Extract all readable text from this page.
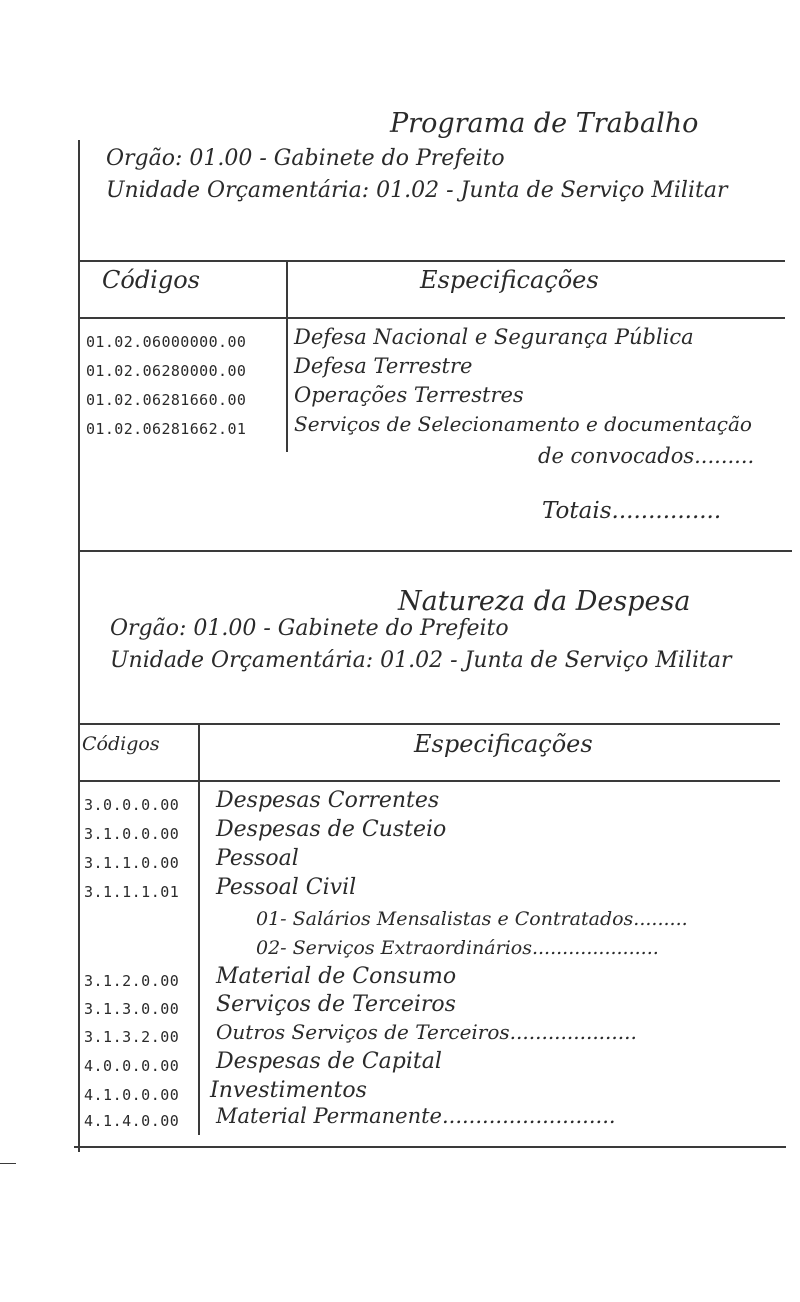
Programa de Trabalho
Orgão: 01.00 - Gabinete do Prefeito
Unidade Orçamentária: 01.02 - Junta de Serviço Militar
Códigos	Especificações
01.02.06000000.00 Defesa Nacional e Segurança Pública
01.02.06280000.00 Defesa Terrestre
01.02.06281660.00 Operações Terrestres
01.02.06281662.01 Serviços de Selecionamento e documentação
de convocados.........
Totais...............
Natureza da Despesa
Orgão: 01.00 - Gabinete do Prefeito
Unidade Orçamentária: 01.02 - Junta de Serviço Militar
Códigos	Especificações
3.0.0.0.00 Despesas Correntes
3.1.0.0.00 Despesas de Custeio
3.1.1.0.00 Pessoal
3.1.1.1.01 Pessoal Civil
01- Salários Mensalistas e Contratados.........
02- Serviços Extraordinários.....................
3.1.2.0.00 Material de Consumo
3.1.3.0.00 Serviços de Terceiros
3.1.3.2.00 Outros Serviços de Terceiros....................
4.0.0.0.00 Despesas de Capital
4.1.0.0.00 Investimentos
4.1.4.0.00 Material Permanente..........................
